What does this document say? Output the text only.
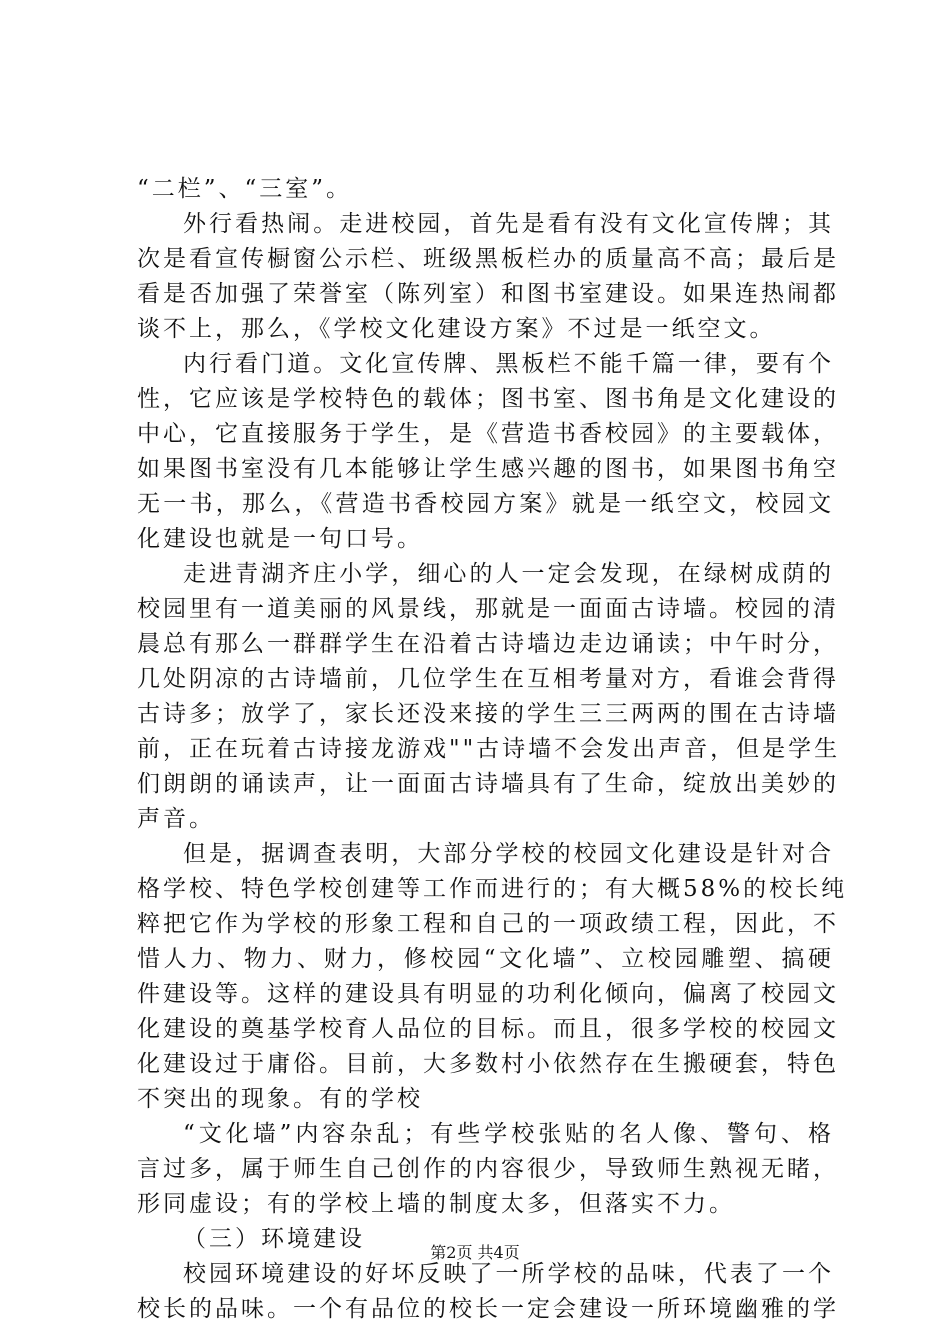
“二栏”、“三室”。
外行看热闹。走进校园，首先是看有没有文化宣传牌；其
次是看宣传橱窗公示栏、班级黑板栏办的质量高不高；最后是
看是否加强了荣誉室（陈列室）和图书室建设。如果连热闹都
谈不上，那么，《学校文化建设方案》不过是一纸空文。
内行看门道。文化宣传牌、黑板栏不能千篇一律，要有个
性，它应该是学校特色的载体；图书室、图书角是文化建设的
中心，它直接服务于学生，是《营造书香校园》的主要载体，
如果图书室没有几本能够让学生感兴趣的图书，如果图书角空
无一书，那么，《营造书香校园方案》就是一纸空文，校园文
化建设也就是一句口号。
走进青湖齐庄小学，细心的人一定会发现，在绿树成荫的
校园里有一道美丽的风景线，那就是一面面古诗墙。校园的清
晨总有那么一群群学生在沿着古诗墙边走边诵读；中午时分，
几处阴凉的古诗墙前，几位学生在互相考量对方，看谁会背得
古诗多；放学了，家长还没来接的学生三三两两的围在古诗墙
前，正在玩着古诗接龙游戏""古诗墙不会发出声音，但是学生
们朗朗的诵读声，让一面面古诗墙具有了生命，绽放出美妙的
声音。
但是，据调查表明，大部分学校的校园文化建设是针对合
格学校、特色学校创建等工作而进行的；有大概58%的校长纯
粹把它作为学校的形象工程和自己的一项政绩工程，因此，不
惜人力、物力、财力，修校园“文化墙”、立校园雕塑、搞硬
件建设等。这样的建设具有明显的功利化倾向，偏离了校园文
化建设的奠基学校育人品位的目标。而且，很多学校的校园文
化建设过于庸俗。目前，大多数村小依然存在生搬硬套，特色
不突出的现象。有的学校
“文化墙”内容杂乱；有些学校张贴的名人像、警句、格
言过多，属于师生自己创作的内容很少，导致师生熟视无睹，
形同虚设；有的学校上墙的制度太多，但落实不力。
（三）环境建设
校园环境建设的好坏反映了一所学校的品味，代表了一个
校长的品味。一个有品位的校长一定会建设一所环境幽雅的学
第2页 共4页
